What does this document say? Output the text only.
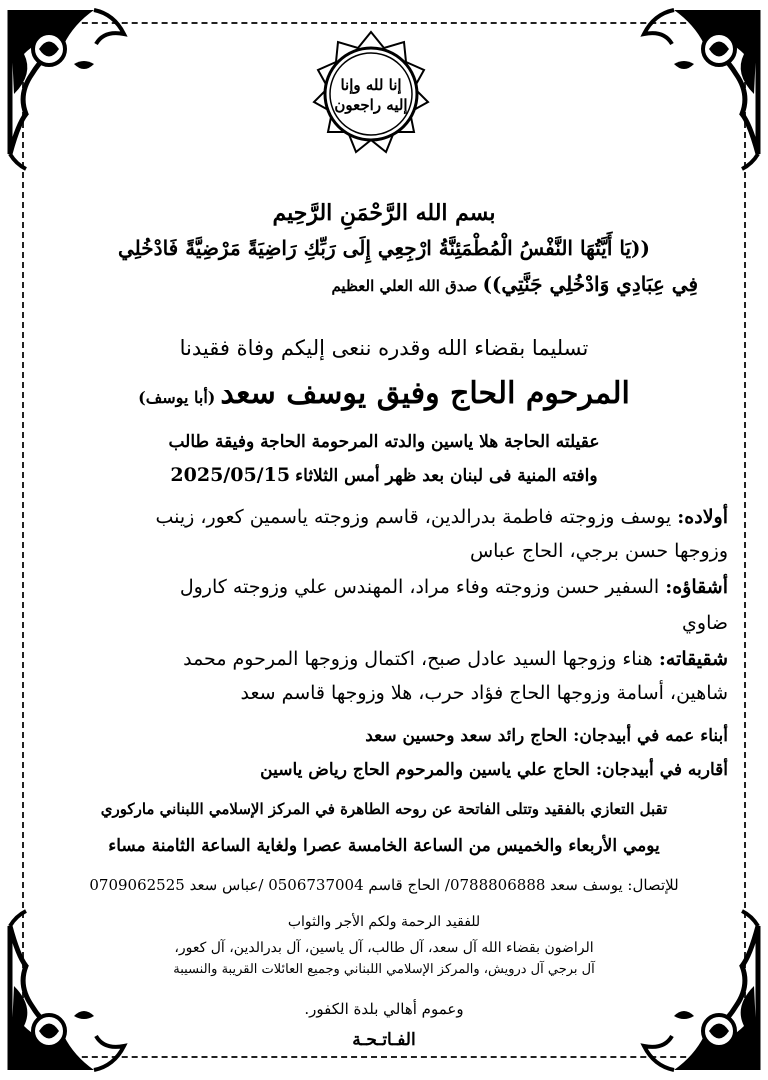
إنا لله وإنا
إليه راجعون
بسم الله الرَّحْمَنِ الرَّحِيم
((يَا أَيَّتُهَا النَّفْسُ الْمُطْمَئِنَّةُ ارْجِعِي إِلَى رَبِّكِ رَاضِيَةً مَرْضِيَّةً فَادْخُلِي
فِي عِبَادِي وَادْخُلِي جَنَّتِي)) صدق الله العلي العظيم
تسليما بقضاء الله وقدره ننعى إليكم وفاة فقيدنا
المرحوم الحاج وفيق يوسف سعد (أبا يوسف)
عقيلته الحاجة هلا ياسين والدته المرحومة الحاجة وفيقة طالب
وافته المنية فى لبنان بعد ظهر أمس الثلاثاء 2025/05/15
أولاده: يوسف وزوجته فاطمة بدرالدين، قاسم وزوجته ياسمين كعور، زينب
وزوجها حسن برجي، الحاج عباس
أشقاؤه: السفير حسن وزوجته وفاء مراد، المهندس علي وزوجته كارول
ضاوي
شقيقاته: هناء وزوجها السيد عادل صبح، اكتمال وزوجها المرحوم محمد
شاهين، أسامة وزوجها الحاج فؤاد حرب، هلا وزوجها قاسم سعد
أبناء عمه في أبيدجان: الحاج رائد سعد وحسين سعد
أقاربه في أبيدجان: الحاج علي ياسين والمرحوم الحاج رياض ياسين
تقبل التعازي بالفقيد وتتلى الفاتحة عن روحه الطاهرة في المركز الإسلامي اللبناني ماركوري
يومي الأربعاء والخميس من الساعة الخامسة عصرا ولغاية الساعة الثامنة مساء
للإتصال: يوسف سعد 0788806888/ الحاج قاسم 0506737004 /عباس سعد 0709062525
للفقيد الرحمة ولكم الأجر والثواب
الراضون بقضاء الله آل سعد، آل طالب، آل ياسين، آل بدرالدين، آل كعور،
آل برجي آل درويش، والمركز الإسلامي اللبناني وجميع العائلات القريبة والنسيبة
وعموم أهالي بلدة الكفور.
الفـاتـحـة
